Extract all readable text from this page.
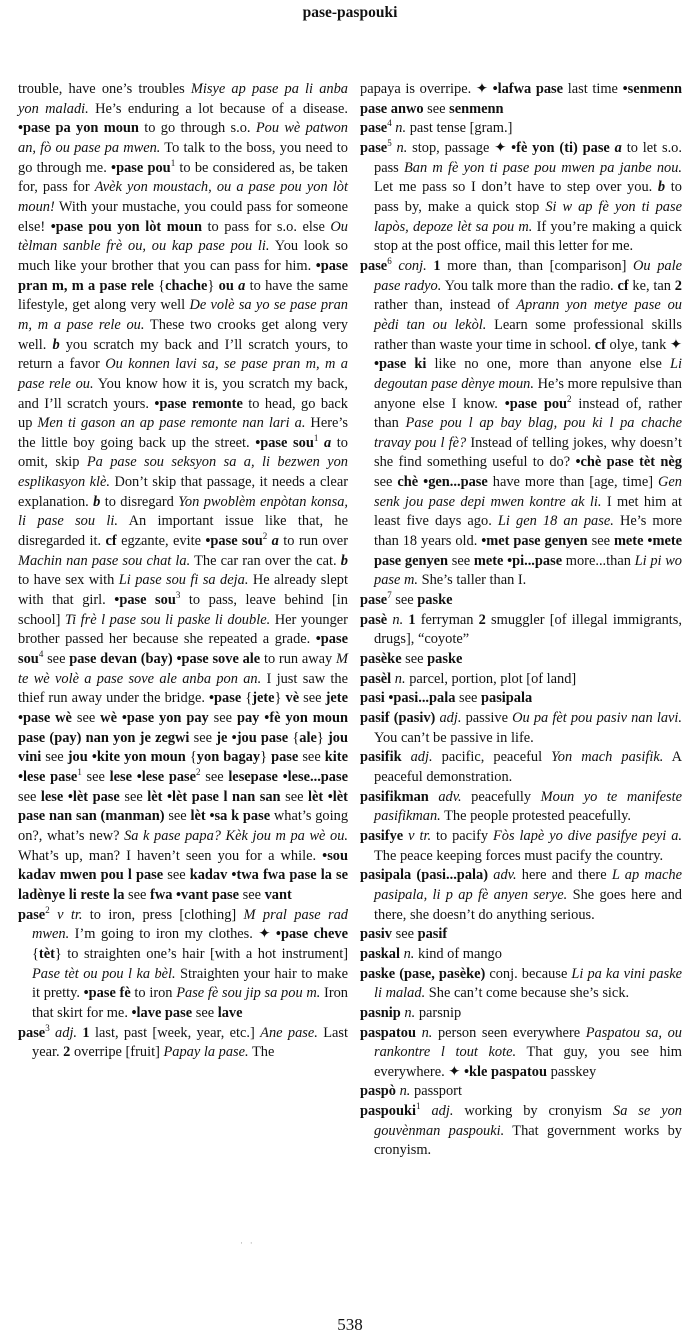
pase-paspouki

trouble, have one’s troubles Misye ap pase pa li anba yon maladi. He’s enduring a lot because of a disease. •pase pa yon moun to go through s.o. Pou wè patwon an, fò ou pase pa mwen. To talk to the boss, you need to go through me. •pase pou$^1$ to be considered as, be taken for, pass for Avèk yon moustach, ou a pase pou yon lòt moun! With your mustache, you could pass for someone else! •pase pou yon lòt moun to pass for s.o. else Ou tèlman sanble frè ou, ou kap pase pou li. You look so much like your brother that you can pass for him. •pase pran m, m a pase rele {chache} ou a to have the same lifestyle, get along very well De volè sa yo se pase pran m, m a pase rele ou. These two crooks get along very well. b you scratch my back and I’ll scratch yours, to return a favor Ou konnen lavi sa, se pase pran m, m a pase rele ou. You know how it is, you scratch my back, and I’ll scratch yours. •pase remonte to head, go back up Men ti gason an ap pase remonte nan lari a. Here’s the little boy going back up the street. •pase sou$^1$ a to omit, skip Pa pase sou seksyon sa a, li bezwen yon esplikasyon klè. Don’t skip that passage, it needs a clear explanation. b to disregard Yon pwoblèm enpòtan konsa, li pase sou li. An important issue like that, he disregarded it. cf egzante, evite •pase sou$^2$ a to run over Machin nan pase sou chat la. The car ran over the cat. b to have sex with Li pase sou fi sa deja. He already slept with that girl. •pase sou$^3$ to pass, leave behind [in school] Ti frè l pase sou li paske li double. Her younger brother passed her because she repeated a grade. •pase sou$^4$ see pase devan (bay) •pase sove ale to run away M te wè volè a pase sove ale anba pon an. I just saw the thief run away under the bridge. •pase {jete} vè see jete •pase wè see wè •pase yon pay see pay •fè yon moun pase (pay) nan yon je zegwi see je •jou pase {ale} jou vini see jou •kite yon moun {yon bagay} pase see kite •lese pase$^1$ see lese •lese pase$^2$ see lesepase •lese...pase see lese •lèt pase see lèt •lèt pase l nan san see lèt •lèt pase nan san (manman) see lèt •sa k pase what’s going on?, what’s new? Sa k pase papa? Kèk jou m pa wè ou. What’s up, man? I haven’t seen you for a while. •sou kadav mwen pou l pase see kadav •twa fwa pase la se ladènye li reste la see fwa •vant pase see vant

pase$^2$ v tr. to iron, press [clothing] M pral pase rad mwen. I’m going to iron my clothes. ✦ •pase cheve {tèt} to straighten one’s hair [with a hot instrument] Pase tèt ou pou l ka bèl. Straighten your hair to make it pretty. •pase fè to iron Pase fè sou jip sa pou m. Iron that skirt for me. •lave pase see lave

pase$^3$ adj. 1 last, past [week, year, etc.] Ane pase. Last year. 2 overripe [fruit] Papay la pase. The

papaya is overripe. ✦ •lafwa pase last time •senmenn pase anwo see senmenn

pase$^4$ n. past tense [gram.]

pase$^5$ n. stop, passage ✦ •fè yon (ti) pase a to let s.o. pass Ban m fè yon ti pase pou mwen pa janbe nou. Let me pass so I don’t have to step over you. b to pass by, make a quick stop Si w ap fè yon ti pase lapòs, depoze lèt sa pou m. If you’re making a quick stop at the post office, mail this letter for me.

pase$^6$ conj. 1 more than, than [comparison] Ou pale pase radyo. You talk more than the radio. cf ke, tan 2 rather than, instead of Aprann yon metye pase ou pèdi tan ou lekòl. Learn some professional skills rather than waste your time in school. cf olye, tank ✦ •pase ki like no one, more than anyone else Li degoutan pase dènye moun. He’s more repulsive than anyone else I know. •pase pou$^2$ instead of, rather than Pase pou l ap bay blag, pou ki l pa chache travay pou l fè? Instead of telling jokes, why doesn’t she find something useful to do? •chè pase tèt nèg see chè •gen...pase have more than [age, time] Gen senk jou pase depi mwen kontre ak li. I met him at least five days ago. Li gen 18 an pase. He’s more than 18 years old. •met pase genyen see mete •mete pase genyen see mete •pi...pase more...than Li pi wo pase m. She’s taller than I.

pase$^7$ see paske

pasè n. 1 ferryman 2 smuggler [of illegal immigrants, drugs], “coyote”

pasèke see paske

pasèl n. parcel, portion, plot [of land]

pasi •pasi...pala see pasipala

pasif (pasiv) adj. passive Ou pa fèt pou pasiv nan lavi. You can’t be passive in life.

pasifik adj. pacific, peaceful Yon mach pasifik. A peaceful demonstration.

pasifikman adv. peacefully Moun yo te manifeste pasifikman. The people protested peacefully.

pasifye v tr. to pacify Fòs lapè yo dive pasifye peyi a. The peace keeping forces must pacify the country.

pasipala (pasi...pala) adv. here and there L ap mache pasipala, li p ap fè anyen serye. She goes here and there, she doesn’t do anything serious.

pasiv see pasif

paskal n. kind of mango

paske (pase, pasèke) conj. because Li pa ka vini paske li malad. She can’t come because she’s sick.

pasnip n. parsnip

paspatou n. person seen everywhere Paspatou sa, ou rankontre l tout kote. That guy, you see him everywhere. ✦ •kle paspatou passkey

paspò n. passport

paspouki$^1$ adj. working by cronyism Sa se yon gouvènman paspouki. That government works by cronyism.

·   ·
538
